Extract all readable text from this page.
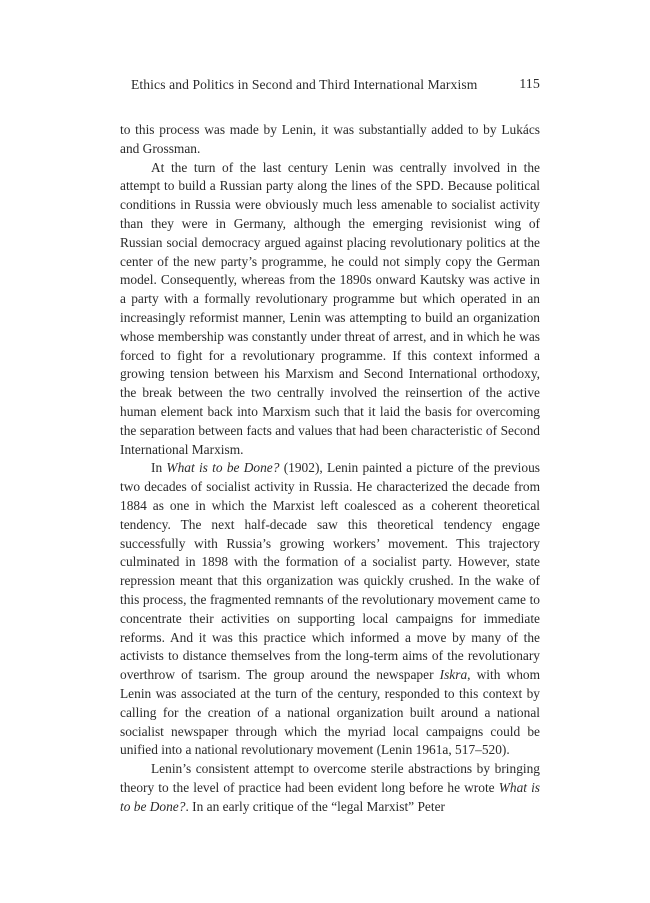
Ethics and Politics in Second and Third International Marxism	115

to this process was made by Lenin, it was substantially added to by Lukács and Grossman.

At the turn of the last century Lenin was centrally involved in the attempt to build a Russian party along the lines of the SPD. Because political conditions in Russia were obviously much less amenable to socialist activity than they were in Germany, although the emerging revisionist wing of Russian social democracy argued against placing revolutionary politics at the center of the new party’s programme, he could not simply copy the German model. Consequently, whereas from the 1890s onward Kautsky was active in a party with a formally revolutionary programme but which operated in an increasingly reformist manner, Lenin was attempting to build an organization whose membership was constantly under threat of arrest, and in which he was forced to fight for a revolutionary programme. If this context informed a growing tension between his Marxism and Second International orthodoxy, the break between the two centrally involved the reinsertion of the active human element back into Marxism such that it laid the basis for overcoming the separation between facts and values that had been characteristic of Second International Marxism.

In What is to be Done? (1902), Lenin painted a picture of the previous two decades of socialist activity in Russia. He characterized the decade from 1884 as one in which the Marxist left coalesced as a coherent theoretical tendency. The next half-decade saw this theoretical tendency engage successfully with Russia’s growing workers’ movement. This trajectory culminated in 1898 with the formation of a socialist party. However, state repression meant that this organization was quickly crushed. In the wake of this process, the fragmented remnants of the revolutionary movement came to concentrate their activities on supporting local campaigns for immediate reforms. And it was this practice which informed a move by many of the activists to distance themselves from the long-term aims of the revolutionary overthrow of tsarism. The group around the newspaper Iskra, with whom Lenin was associated at the turn of the century, responded to this context by calling for the creation of a national organization built around a national socialist newspaper through which the myriad local campaigns could be unified into a national revolutionary movement (Lenin 1961a, 517–520).

Lenin’s consistent attempt to overcome sterile abstractions by bringing theory to the level of practice had been evident long before he wrote What is to be Done?. In an early critique of the “legal Marxist” Peter
